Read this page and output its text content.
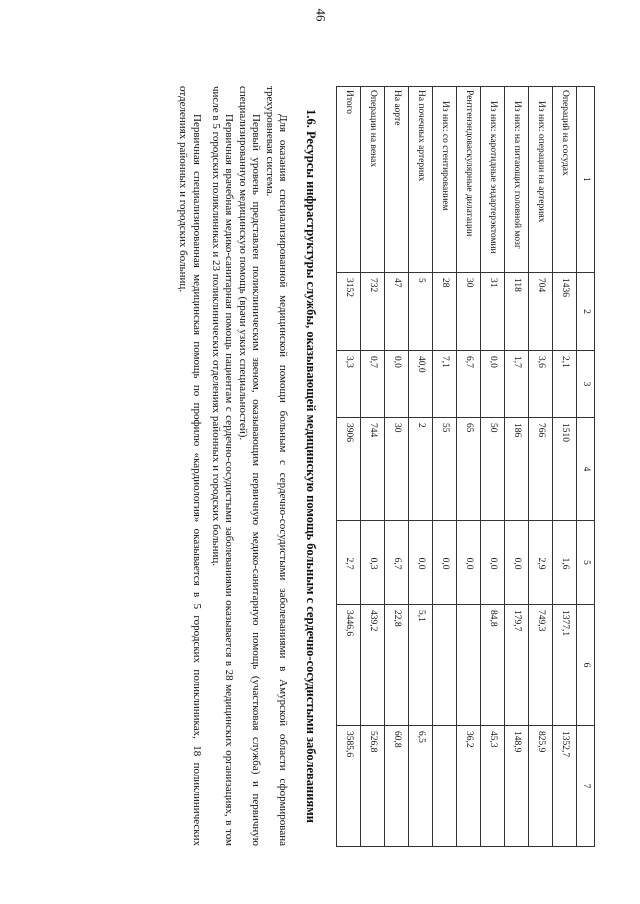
46
1	2	3	4	5	6	7
Операций на сосудах	1436	2,1	1510	1,6	1377,1	1352,7
Из них: операции на артериях	704	3,6	766	2,9	749,3	825,9
Из них: на питающих головной мозг	118	1,7	186	0,0	179,7	148,9
Из них: каротидные эндартерэктомии	31	0,0	50	0,0	84,8	45,3
Рентгенэндоваскулярные дилатации	30	6,7	65	0,0		36,2
Из них: со стентированием	28	7,1	55	0,0		
На почечных артериях	5	40,0	2	0,0	5,1	6,5
На аорте	47	0,0	30	6,7	22,8	60,8
Операции на венах	732	0,7	744	0,3	439,2	526,8
Итого	3152	3,3	3906	2,7	3446,6	3585,6
1.6. Ресурсы инфраструктуры службы, оказывающей медицинскую помощь больным с сердечно-сосудистыми заболеваниями

Для оказания специализированной медицинской помощи больным с сердечно-сосудистыми заболеваниями в Амурской области сформирована трехуровневая система.

Первый уровень представлен поликлиническим звеном, оказывающим первичную медико-санитарную помощь (участковая служба) и первичную специализированную медицинскую помощь (врачи узких специальностей).

Первичная врачебная медико-санитарная помощь пациентам с сердечно-сосудистыми заболеваниями оказывается в 28 медицинских организациях, в том числе в 5 городских поликлиниках и 23 поликлинических отделениях районных и городских больниц.

Первичная специализированная медицинская помощь по профилю «кардиология» оказывается в 5 городских поликлиниках, 18 поликлинических отделениях районных и городских больниц.
